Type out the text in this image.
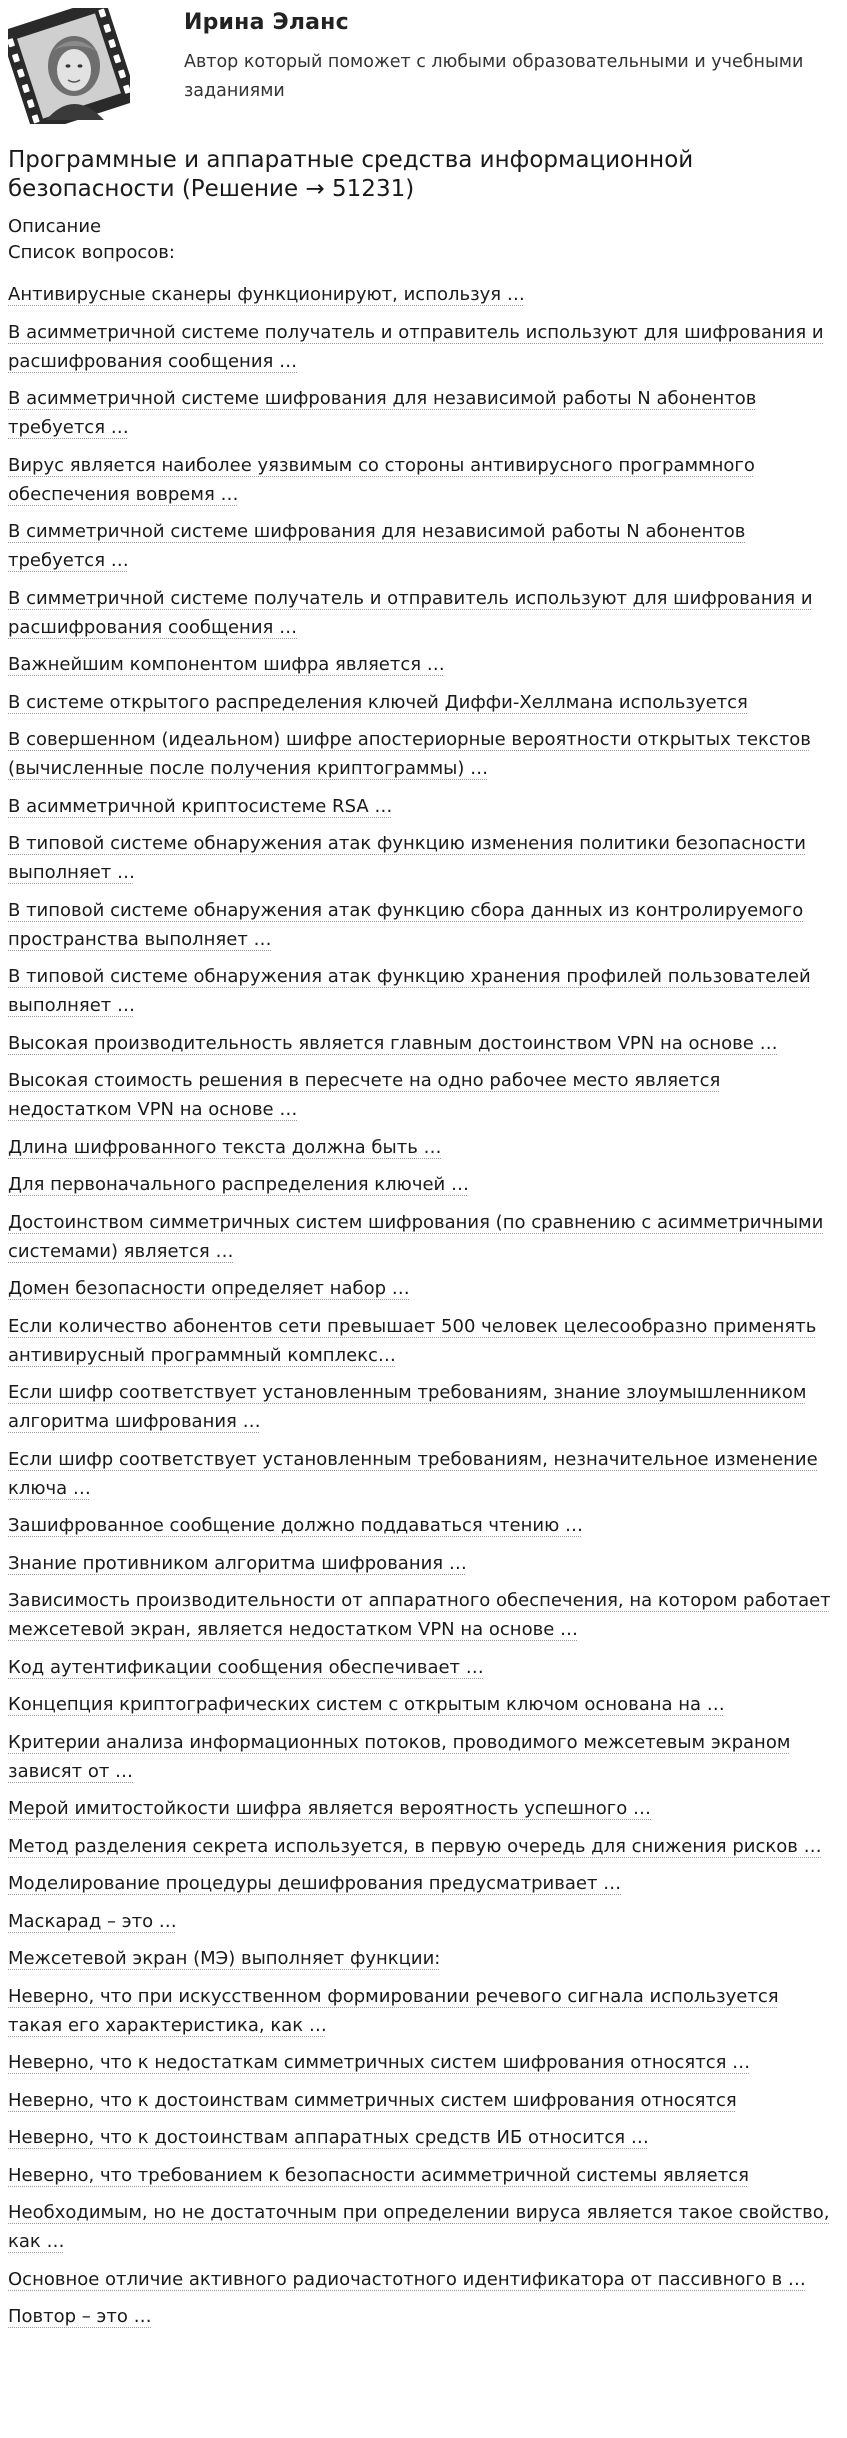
Ирина Эланс
Автор который поможет с любыми образовательными и учебными заданиями
Программные и аппаратные средства информационной безопасности (Решение → 51231)
Описание
Список вопросов:
Антивирусные сканеры функционируют, используя …
В асимметричной системе получатель и отправитель используют для шифрования и расшифрования сообщения …
В асимметричной системе шифрования для независимой работы N абонентов требуется …
Вирус является наиболее уязвимым со стороны антивирусного программного обеспечения вовремя …
В симметричной системе шифрования для независимой работы N абонентов требуется …
В симметричной системе получатель и отправитель используют для шифрования и расшифрования сообщения …
Важнейшим компонентом шифра является …
В системе открытого распределения ключей Диффи-Хеллмана используется
В совершенном (идеальном) шифре апостериорные вероятности открытых текстов (вычисленные после получения криптограммы) …
В асимметричной криптосистеме RSA …
В типовой системе обнаружения атак функцию изменения политики безопасности выполняет …
В типовой системе обнаружения атак функцию сбора данных из контролируемого пространства выполняет …
В типовой системе обнаружения атак функцию хранения профилей пользователей выполняет …
Высокая производительность является главным достоинством VPN на основе …
Высокая стоимость решения в пересчете на одно рабочее место является недостатком VPN на основе …
Длина шифрованного текста должна быть …
Для первоначального распределения ключей …
Достоинством симметричных систем шифрования (по сравнению с асимметричными системами) является …
Домен безопасности определяет набор …
Если количество абонентов сети превышает 500 человек целесообразно применять антивирусный программный комплекс…
Если шифр соответствует установленным требованиям, знание злоумышленником алгоритма шифрования …
Если шифр соответствует установленным требованиям, незначительное изменение ключа …
Зашифрованное сообщение должно поддаваться чтению …
Знание противником алгоритма шифрования …
Зависимость производительности от аппаратного обеспечения, на котором работает межсетевой экран, является недостатком VPN на основе …
Код аутентификации сообщения обеспечивает …
Концепция криптографических систем с открытым ключом основана на …
Критерии анализа информационных потоков, проводимого межсетевым экраном зависят от …
Мерой имитостойкости шифра является вероятность успешного …
Метод разделения секрета используется, в первую очередь для снижения рисков …
Моделирование процедуры дешифрования предусматривает …
Маскарад – это …
Межсетевой экран (МЭ) выполняет функции:
Неверно, что при искусственном формировании речевого сигнала используется такая его характеристика, как …
Неверно, что к недостаткам симметричных систем шифрования относятся …
Неверно, что к достоинствам симметричных систем шифрования относятся
Неверно, что к достоинствам аппаратных средств ИБ относится …
Неверно, что требованием к безопасности асимметричной системы является
Необходимым, но не достаточным при определении вируса является такое свойство, как …
Основное отличие активного радиочастотного идентификатора от пассивного в …
Повтор – это …
